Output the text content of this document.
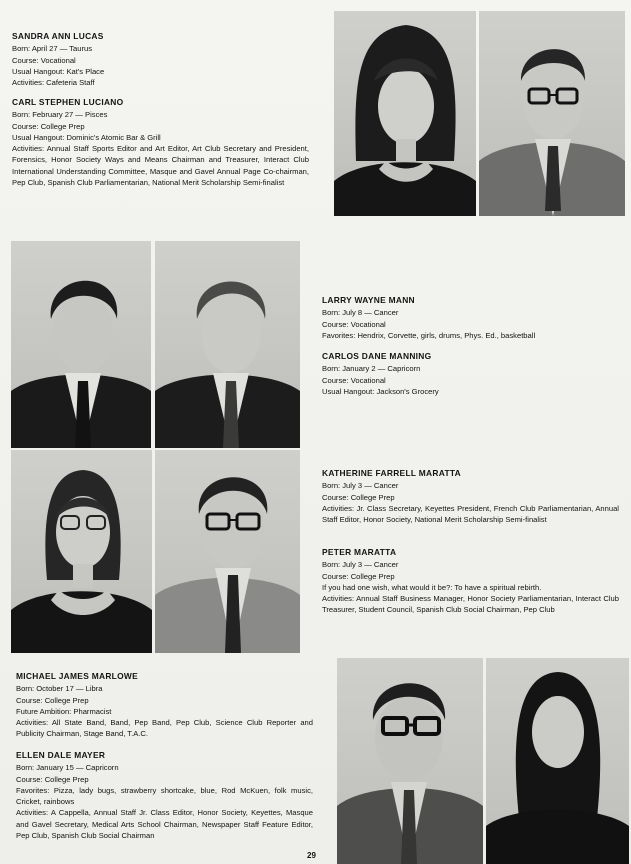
SANDRA ANN LUCAS
Born: April 27 — Taurus
Course: Vocational
Usual Hangout: Kat's Place
Activities: Cafeteria Staff
CARL STEPHEN LUCIANO
Born: February 27 — Pisces
Course: College Prep
Usual Hangout: Dominic's Atomic Bar & Grill
Activities: Annual Staff Sports Editor and Art Editor, Art Club Secretary and President, Forensics, Honor Society Ways and Means Chairman and Treasurer, Interact Club International Understanding Committee, Masque and Gavel Annual Page Co-chairman, Pep Club, Spanish Club Parliamentarian, National Merit Scholarship Semi-finalist
LARRY WAYNE MANN
Born: July 8 — Cancer
Course: Vocational
Favorites: Hendrix, Corvette, girls, drums, Phys. Ed., basketball
CARLOS DANE MANNING
Born: January 2 — Capricorn
Course: Vocational
Usual Hangout: Jackson's Grocery
KATHERINE FARRELL MARATTA
Born: July 3 — Cancer
Course: College Prep
Activities: Jr. Class Secretary, Keyettes President, French Club Parliamentarian, Annual Staff Editor, Honor Society, National Merit Scholarship Semi-finalist
PETER MARATTA
Born: July 3 — Cancer
Course: College Prep
If you had one wish, what would it be?: To have a spiritual rebirth.
Activities: Annual Staff Business Manager, Honor Society Parliamentarian, Interact Club Treasurer, Student Council, Spanish Club Social Chairman, Pep Club
MICHAEL JAMES MARLOWE
Born: October 17 — Libra
Course: College Prep
Future Ambition: Pharmacist
Activities: All State Band, Band, Pep Band, Pep Club, Science Club Reporter and Publicity Chairman, Stage Band, T.A.C.
ELLEN DALE MAYER
Born: January 15 — Capricorn
Course: College Prep
Favorites: Pizza, lady bugs, strawberry shortcake, blue, Rod McKuen, folk music, Cricket, rainbows
Activities: A Cappella, Annual Staff Jr. Class Editor, Honor Society, Keyettes, Masque and Gavel Secretary, Medical Arts School Chairman, Newspaper Staff Feature Editor, Pep Club, Spanish Club Social Chairman
29
